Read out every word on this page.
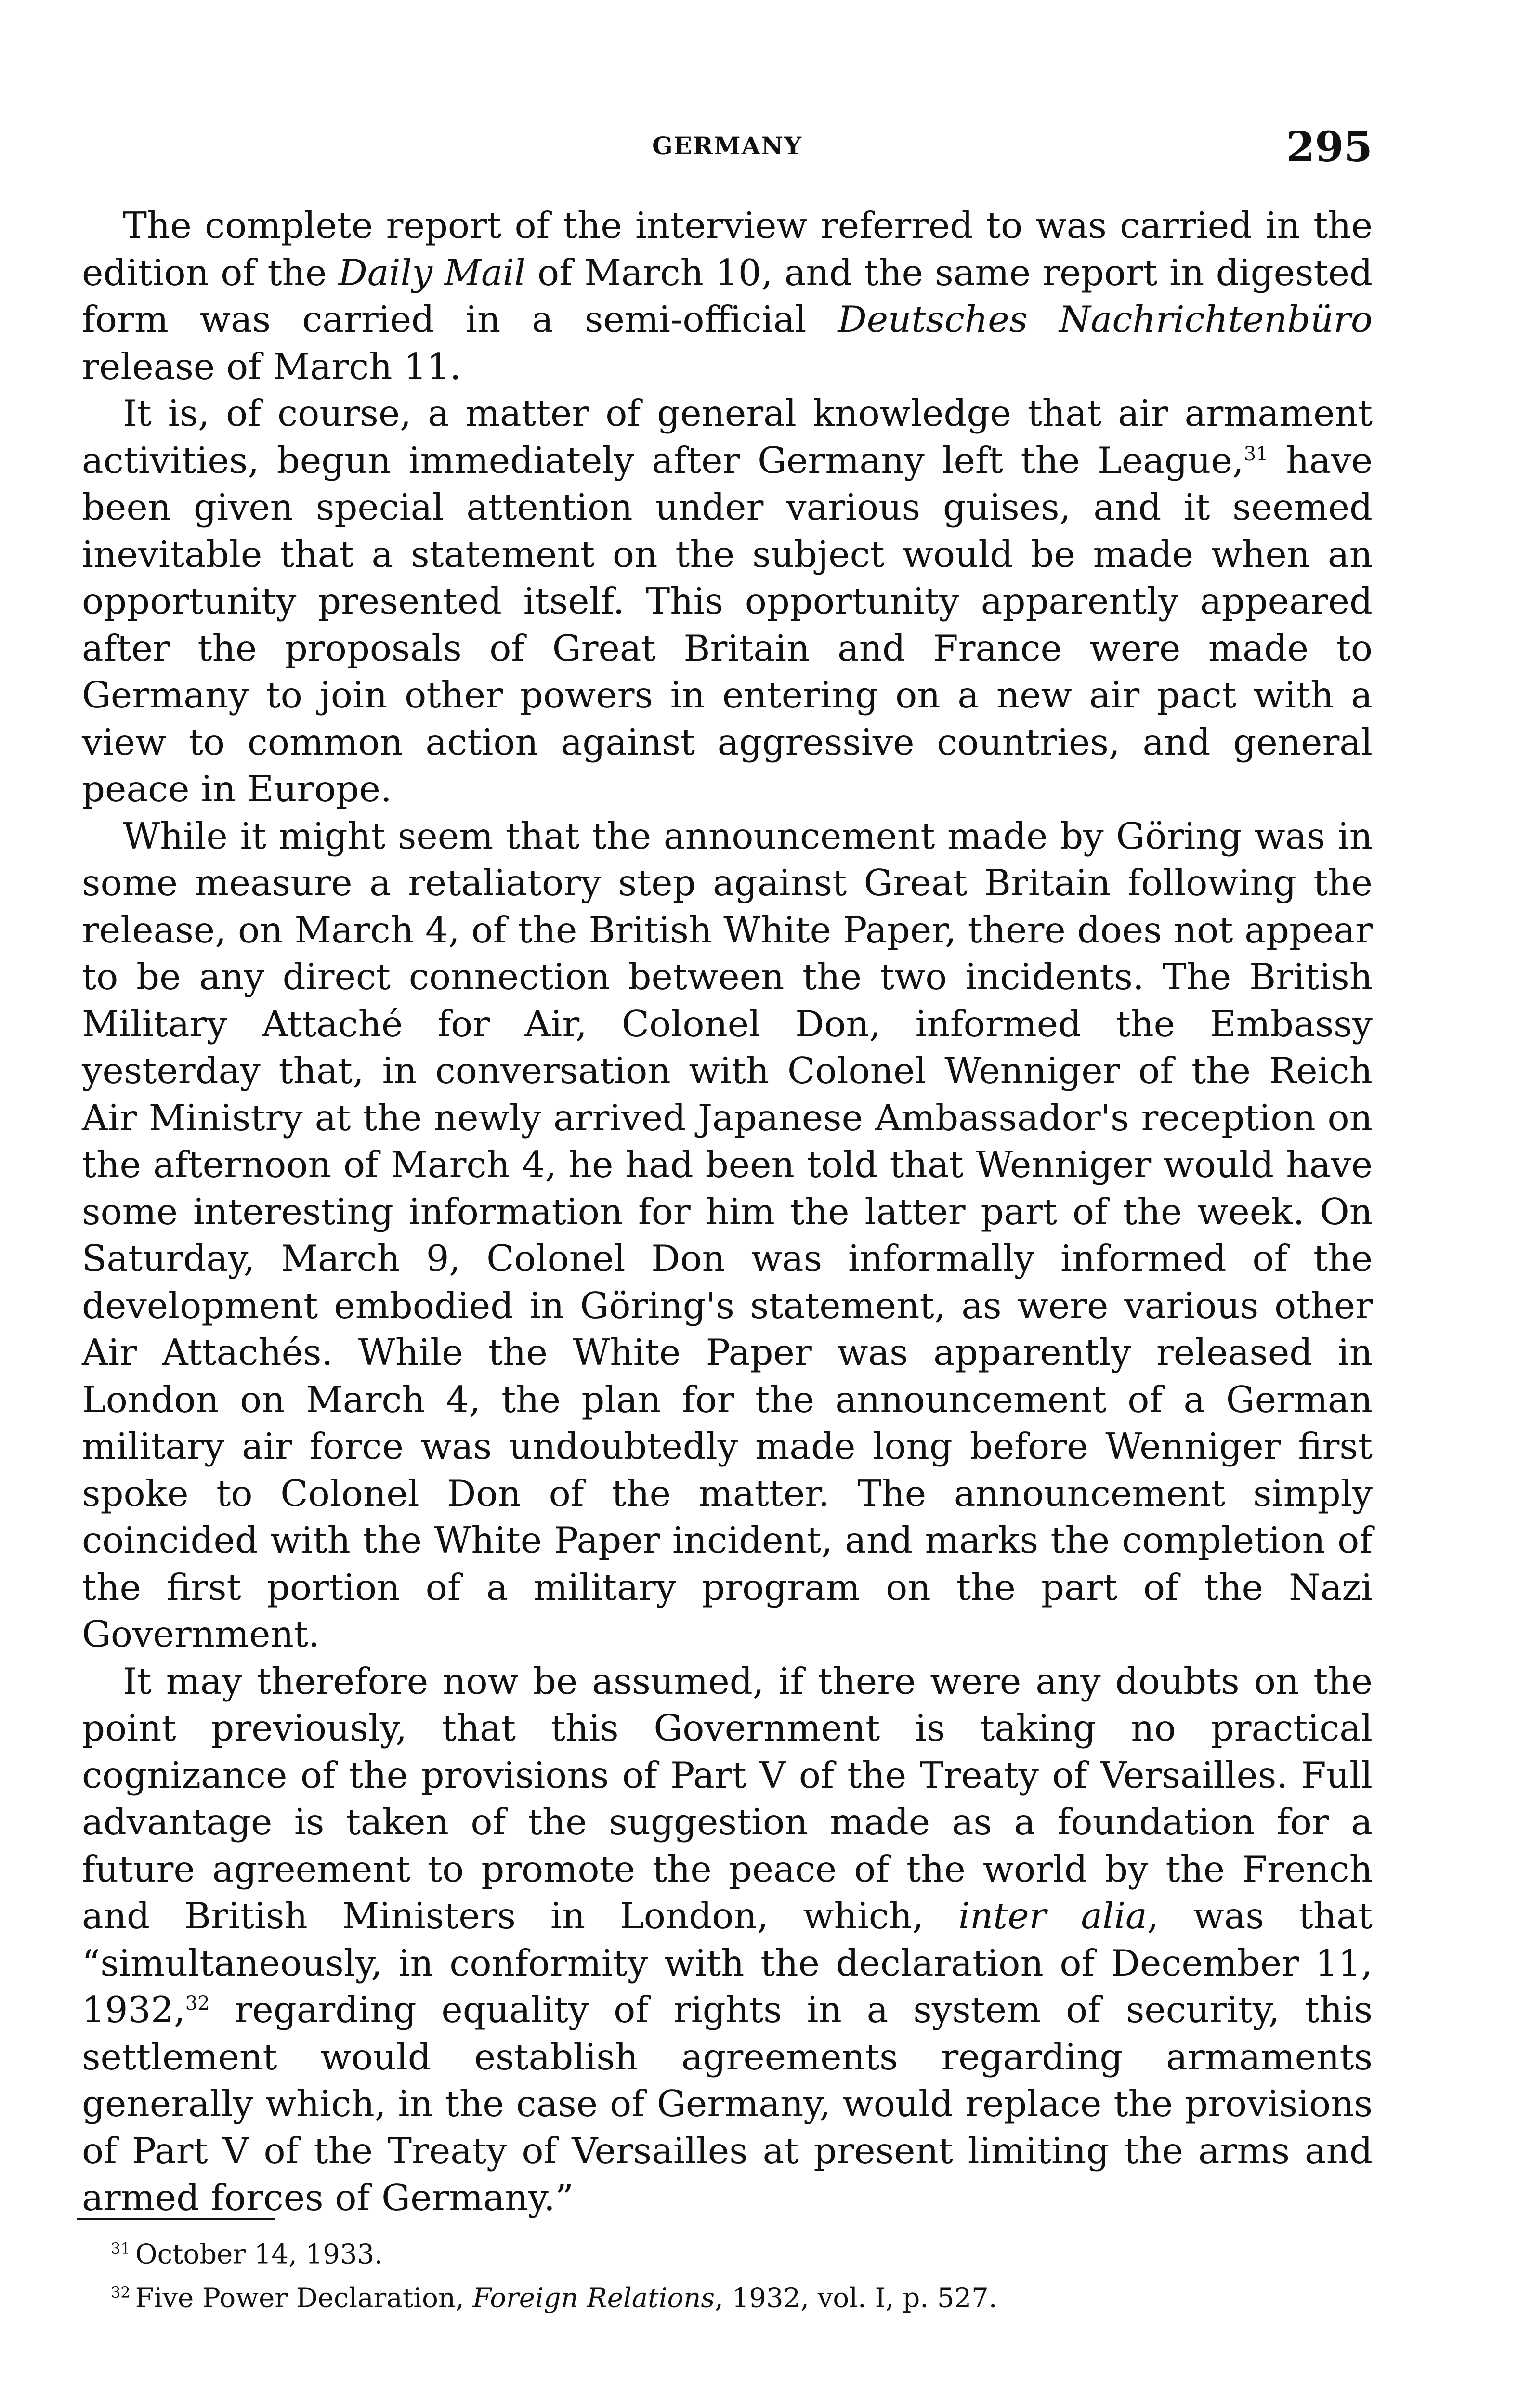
GERMANY	295

The complete report of the interview referred to was carried in the edition of the Daily Mail of March 10, and the same report in digested form was carried in a semi-official Deutsches Nachrichtenbüro release of March 11.

It is, of course, a matter of general knowledge that air armament activities, begun immediately after Germany left the League,$^{31}$ have been given special attention under various guises, and it seemed inevitable that a statement on the subject would be made when an opportunity presented itself. This opportunity apparently appeared after the proposals of Great Britain and France were made to Germany to join other powers in entering on a new air pact with a view to common action against aggressive countries, and general peace in Europe.

While it might seem that the announcement made by Göring was in some measure a retaliatory step against Great Britain following the release, on March 4, of the British White Paper, there does not appear to be any direct connection between the two incidents. The British Military Attaché for Air, Colonel Don, informed the Embassy yesterday that, in conversation with Colonel Wenniger of the Reich Air Ministry at the newly arrived Japanese Ambassador's reception on the afternoon of March 4, he had been told that Wenniger would have some interesting information for him the latter part of the week. On Saturday, March 9, Colonel Don was informally informed of the development embodied in Göring's statement, as were various other Air Attachés. While the White Paper was apparently released in London on March 4, the plan for the announcement of a German military air force was undoubtedly made long before Wenniger first spoke to Colonel Don of the matter. The announcement simply coincided with the White Paper incident, and marks the completion of the first portion of a military program on the part of the Nazi Government.

It may therefore now be assumed, if there were any doubts on the point previously, that this Government is taking no practical cognizance of the provisions of Part V of the Treaty of Versailles. Full advantage is taken of the suggestion made as a foundation for a future agreement to promote the peace of the world by the French and British Ministers in London, which, inter alia, was that “simultaneously, in conformity with the declaration of December 11, 1932,32 regarding equality of rights in a system of security, this settlement would establish agreements regarding armaments generally which, in the case of Germany, would replace the provisions of Part V of the Treaty of Versailles at present limiting the arms and armed forces of Germany.”

$^{31}$ October 14, 1933.

$^{32}$ Five Power Declaration, Foreign Relations, 1932, vol. I, p. 527.
